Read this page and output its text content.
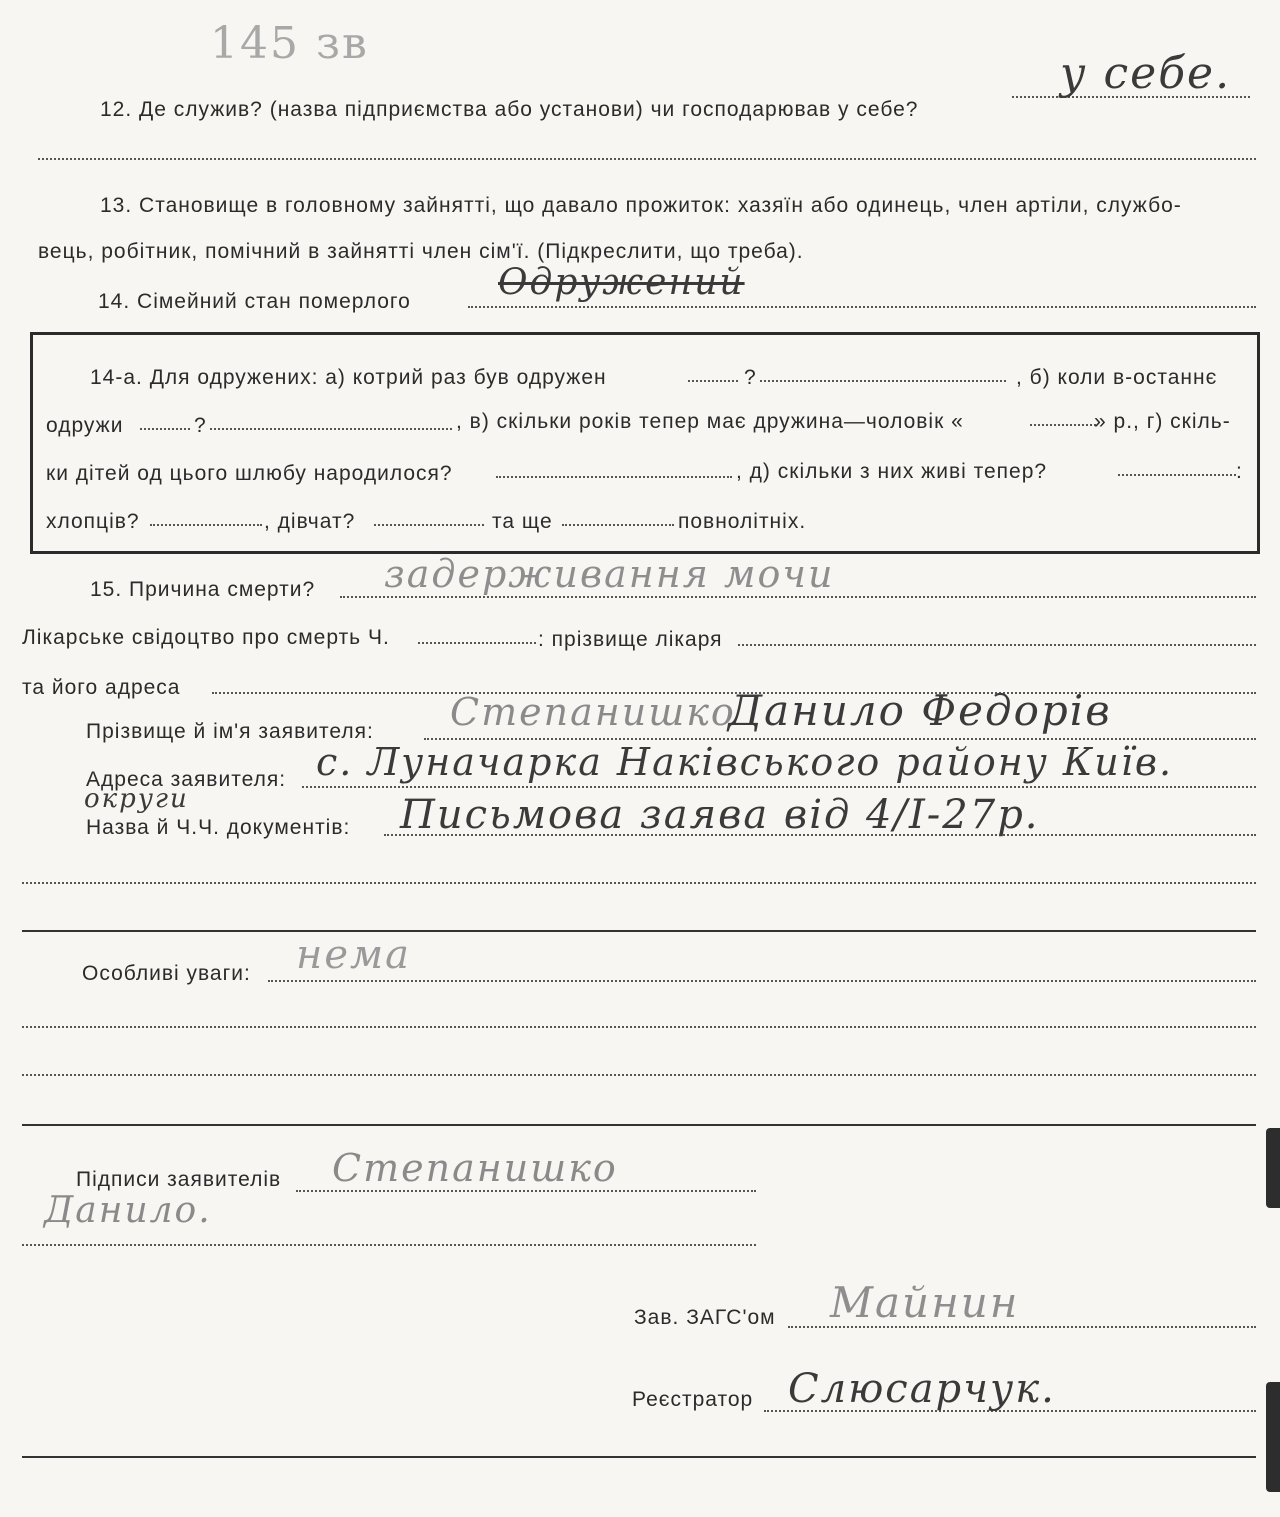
145 зв
12. Де служив? (назва підприємства або установи) чи господарював у себе?
у себе.
13. Становище в головному зайнятті, що давало прожиток: хазяїн або одинець, член артіли, службо-
вець, робітник, помічний в зайнятті член сім'ї. (Підкреслити, що треба).
14. Сімейний стан померлого Одружений
14-а. Для одружених: а) котрий раз був одружен	?	, б) коли в-останнє
одружи	?	, в) скільки років тепер має дружина—чоловік «	» р., г) скіль-
ки дітей од цього шлюбу народилося?	, д) скільки з них живі тепер?	:
хлопців?	, дівчат?	та ще	повнолітніх.
15. Причина смерти? задерживання мочи
Лікарське свідоцтво про смерть Ч.	: прізвище лікаря
та його адреса
Прізвище й ім'я заявителя: Степанишко
Данило Федорів
Адреса заявителя: с. Луначарка Наківського району Київ.
округи
Назва й Ч.Ч. документів: Письмова заява від 4/І-27р.
Особливі уваги: нема
Підписи заявителів Степанишко
Данило.
Зав. ЗАГС'ом Майнин
Реєстратор Слюсарчук.
